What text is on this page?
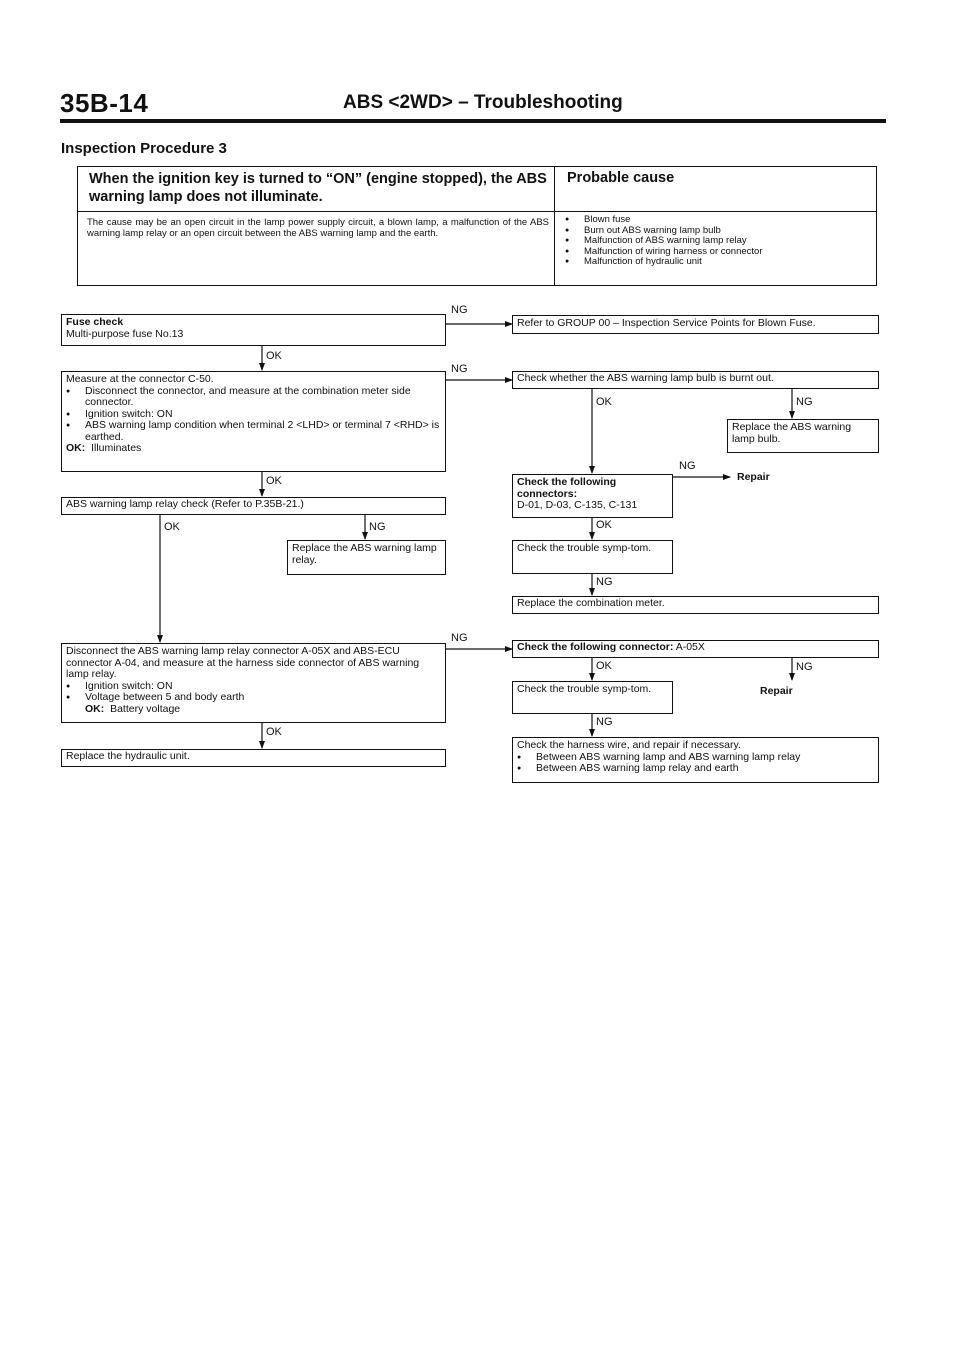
35B-14	ABS <2WD> – Troubleshooting
Inspection Procedure 3
When the ignition key is turned to “ON” (engine stopped), the ABS warning lamp does not illuminate.
Probable cause
The cause may be an open circuit in the lamp power supply circuit, a blown lamp, a malfunction of the ABS warning lamp relay or an open circuit between the ABS warning lamp and the earth.
● Blown fuse
● Burn out ABS warning lamp bulb
● Malfunction of ABS warning lamp relay
● Malfunction of wiring harness or connector
● Malfunction of hydraulic unit
Fuse check
Multi-purpose fuse No.13
Measure at the connector C-50.
● Disconnect the connector, and measure at the combination meter side connector.
● Ignition switch: ON
● ABS warning lamp condition when terminal 2 <LHD> or terminal 7 <RHD> is earthed.
OK: Illuminates
ABS warning lamp relay check (Refer to P.35B-21.)
Replace the ABS warning lamp relay.
Disconnect the ABS warning lamp relay connector A-05X and ABS-ECU connector A-04, and measure at the harness side connector of ABS warning lamp relay.
● Ignition switch: ON
● Voltage between 5 and body earth
OK: Battery voltage
Replace the hydraulic unit.
Refer to GROUP 00 – Inspection Service Points for Blown Fuse.
Check whether the ABS warning lamp bulb is burnt out.
Replace the ABS warning lamp bulb.
Check the following connectors:
D-01, D-03, C-135, C-131
Repair
Check the trouble symp-tom.
Replace the combination meter.
Check the following connector: A-05X
Check the trouble symp-tom.	Repair
Check the harness wire, and repair if necessary.
● Between ABS warning lamp and ABS warning lamp relay
● Between ABS warning lamp relay and earth
NG
OK
NG
OK
OK	NG
OK	NG
NG
OK
NG
NG
OK	NG
OK
NG
